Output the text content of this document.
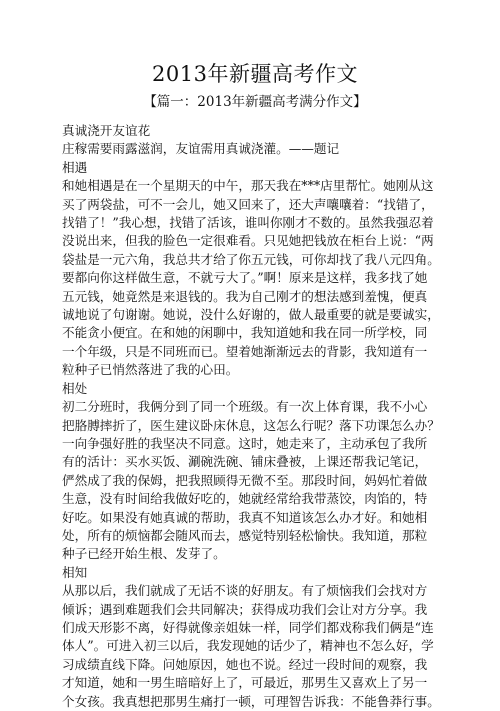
2013年新疆高考作文
【篇一：2013年新疆高考满分作文】
真诚浇开友谊花
庄稼需要雨露滋润，友谊需用真诚浇灌。——题记
相遇
和她相遇是在一个星期天的中午，那天我在***店里帮忙。她刚从这
买了两袋盐，可不一会儿，她又回来了，还大声嚷嚷着：“找错了，
找错了！”我心想，找错了活该，谁叫你刚才不数的。虽然我强忍着
没说出来，但我的脸色一定很难看。只见她把钱放在柜台上说：“两
袋盐是一元六角，我总共才给了你五元钱，可你却找了我八元四角。
要都向你这样做生意，不就亏大了。”啊！原来是这样，我多找了她
五元钱，她竟然是来退钱的。我为自己刚才的想法感到羞愧，便真
诚地说了句谢谢。她说，没什么好谢的，做人最重要的就是要诚实，
不能贪小便宜。在和她的闲聊中，我知道她和我在同一所学校，同
一个年级，只是不同班而已。望着她渐渐远去的背影，我知道有一
粒种子已悄然落进了我的心田。
相处
初二分班时，我俩分到了同一个班级。有一次上体育课，我不小心
把胳膊摔折了，医生建议卧床休息，这怎么行呢？落下功课怎么办？
一向争强好胜的我坚决不同意。这时，她走来了，主动承包了我所
有的活计：买水买饭、涮碗洗碗、铺床叠被，上课还帮我记笔记，
俨然成了我的保姆，把我照顾得无微不至。那段时间，妈妈忙着做
生意，没有时间给我做好吃的，她就经常给我带蒸饺，肉馅的，特
好吃。如果没有她真诚的帮助，我真不知道该怎么办才好。和她相
处，所有的烦恼都会随风而去，感觉特别轻松愉快。我知道，那粒
种子已经开始生根、发芽了。
相知
从那以后，我们就成了无话不谈的好朋友。有了烦恼我们会找对方
倾诉；遇到难题我们会共同解决；获得成功我们会让对方分享。我
们成天形影不离，好得就像亲姐妹一样，同学们都戏称我们俩是“连
体人”。可进入初三以后，我发现她的话少了，精神也不怎么好，学
习成绩直线下降。问她原因，她也不说。经过一段时间的观察，我
才知道，她和一男生暗暗好上了，可最近，那男生又喜欢上了另一
个女孩。我真想把那男生痛打一顿，可理智告诉我：不能鲁莽行事。
